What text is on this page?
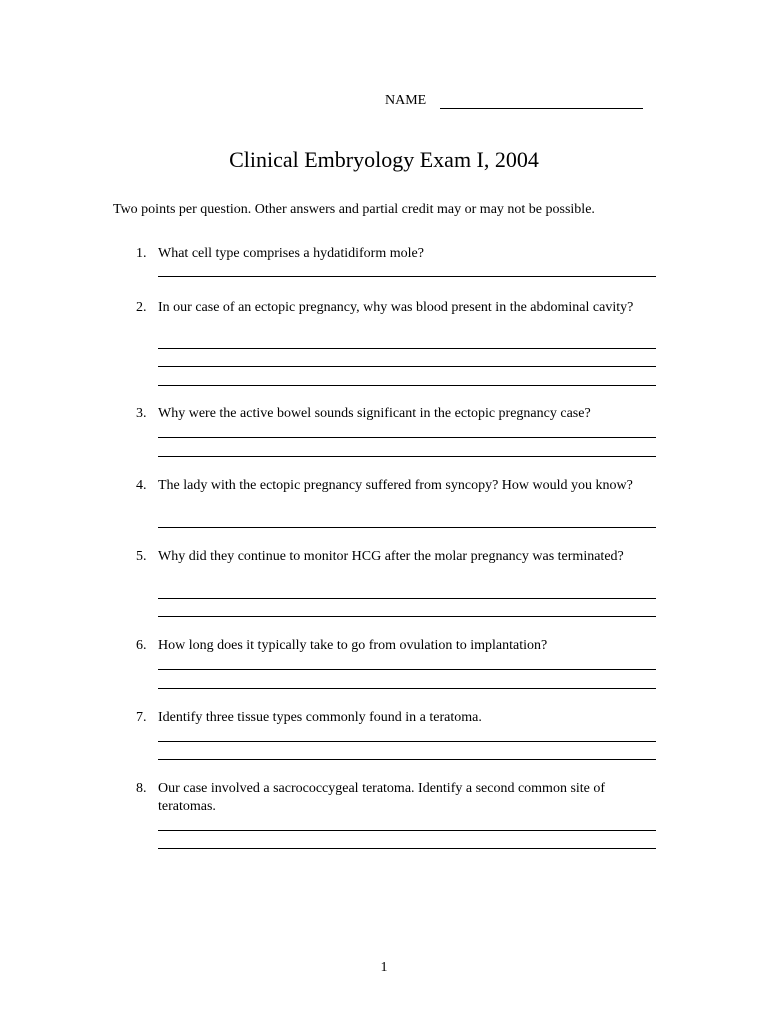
NAME
Clinical Embryology Exam I, 2004
Two points per question. Other answers and partial credit may or may not be possible.
1. What cell type comprises a hydatidiform mole?
2. In our case of an ectopic pregnancy, why was blood present in the abdominal cavity?
3. Why were the active bowel sounds significant in the ectopic pregnancy case?
4. The lady with the ectopic pregnancy suffered from syncopy? How would you know?
5. Why did they continue to monitor HCG after the molar pregnancy was terminated?
6. How long does it typically take to go from ovulation to implantation?
7. Identify three tissue types commonly found in a teratoma.
8. Our case involved a sacrococcygeal teratoma. Identify a second common site of teratomas.
1
